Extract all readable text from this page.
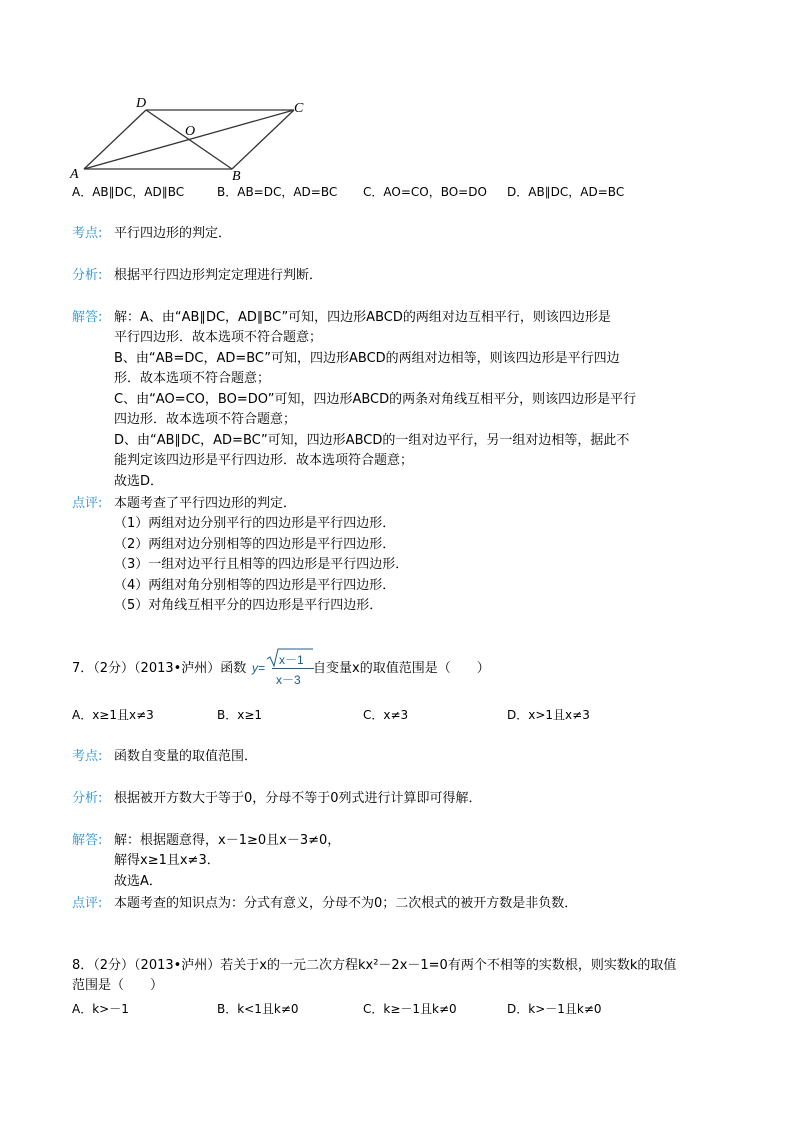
D	C
A	B
O
A．AB∥DC，AD∥BC	B．AB=DC，AD=BC C．AO=CO，BO=DO D．AB∥DC，AD=BC
考点: 平行四边形的判定．
分析: 根据平行四边形判定定理进行判断．
解答: 解：A、由“AB∥DC，AD∥BC”可知，四边形ABCD的两组对边互相平行，则该四边形是
平行四边形．故本选项不符合题意；
B、由“AB=DC，AD=BC”可知，四边形ABCD的两组对边相等，则该四边形是平行四边
形．故本选项不符合题意；
C、由“AO=CO，BO=DO”可知，四边形ABCD的两条对角线互相平分，则该四边形是平行
四边形．故本选项不符合题意；
D、由“AB∥DC，AD=BC”可知，四边形ABCD的一组对边平行，另一组对边相等，据此不
能判定该四边形是平行四边形．故本选项符合题意；
故选D．
点评: 本题考查了平行四边形的判定．
（1）两组对边分别平行的四边形是平行四边形．
（2）两组对边分别相等的四边形是平行四边形．
（3）一组对边平行且相等的四边形是平行四边形．
（4）两组对角分别相等的四边形是平行四边形．
（5）对角线互相平分的四边形是平行四边形．
7．（2分）（2013•泸州）函数 y=
x－1
x－3
自变量x的取值范围是（　　）
A．x≥1且x≠3	B．x≥1	C．x≠3	D．x>1且x≠3
考点: 函数自变量的取值范围．
分析: 根据被开方数大于等于0，分母不等于0列式进行计算即可得解．
解答: 解：根据题意得，x－1≥0且x－3≠0，
解得x≥1且x≠3．
故选A．
点评: 本题考查的知识点为：分式有意义，分母不为0；二次根式的被开方数是非负数．
8．（2分）（2013•泸州）若关于x的一元二次方程kx²－2x－1=0有两个不相等的实数根，则实数k的取值
范围是（　　）
A．k>－1	B．k<1且k≠0	C．k≥－1且k≠0	D．k>－1且k≠0
